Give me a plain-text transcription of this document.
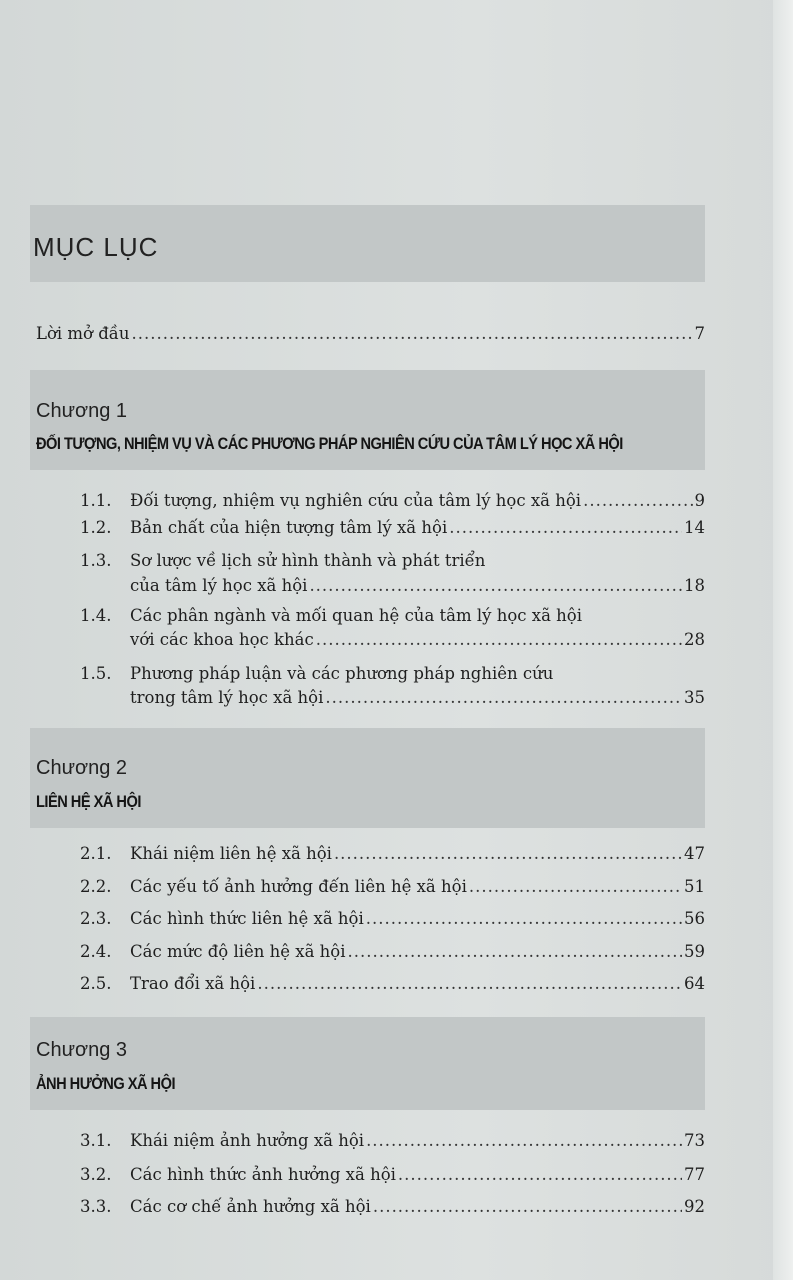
MỤC LỤC
Lời mở đầu .....	7
Chương 1
ĐỐI TƯỢNG, NHIỆM VỤ VÀ CÁC PHƯƠNG PHÁP NGHIÊN CỨU CỦA TÂM LÝ HỌC XÃ HỘI
1.1. Đối tượng, nhiệm vụ nghiên cứu của tâm lý học xã hội .....	9
1.2. Bản chất của hiện tượng tâm lý xã hội .....	14
1.3. Sơ lược về lịch sử hình thành và phát triển
của tâm lý học xã hội .....	18
1.4. Các phân ngành và mối quan hệ của tâm lý học xã hội
với các khoa học khác .....	28
1.5. Phương pháp luận và các phương pháp nghiên cứu
trong tâm lý học xã hội .....	35
Chương 2
LIÊN HỆ XÃ HỘI
2.1. Khái niệm liên hệ xã hội .....	47
2.2. Các yếu tố ảnh hưởng đến liên hệ xã hội .....	51
2.3. Các hình thức liên hệ xã hội .....	56
2.4. Các mức độ liên hệ xã hội .....	59
2.5. Trao đổi xã hội .....	64
Chương 3
ẢNH HƯỞNG XÃ HỘI
3.1. Khái niệm ảnh hưởng xã hội .....	73
3.2. Các hình thức ảnh hưởng xã hội .....	77
3.3. Các cơ chế ảnh hưởng xã hội .....	92
